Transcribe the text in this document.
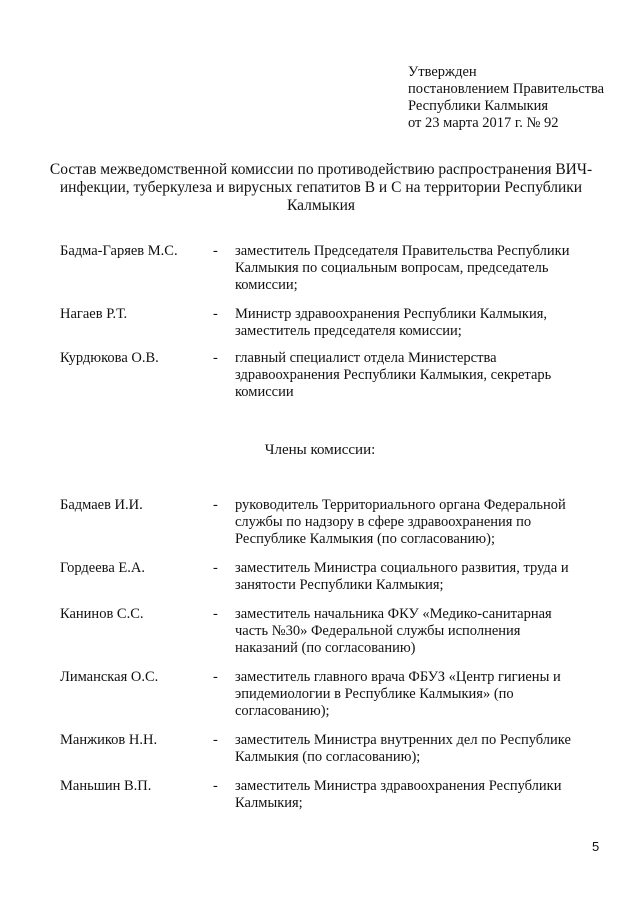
Утвержден
постановлением Правительства
Республики Калмыкия
от 23 марта 2017 г. № 92
Состав межведомственной комиссии по противодействию распространения ВИЧ-инфекции, туберкулеза и вирусных гепатитов В и С на территории Республики Калмыкия
Бадма-Гаряев М.С.	- заместитель Председателя Правительства Республики
Калмыкия по социальным вопросам, председатель
комиссии;
Нагаев Р.Т.	- Министр здравоохранения Республики Калмыкия,
заместитель председателя комиссии;
Курдюкова О.В.	- главный специалист отдела Министерства
здравоохранения Республики Калмыкия, секретарь
комиссии
Члены комиссии:
Бадмаев И.И.	- руководитель Территориального органа Федеральной
службы по надзору в сфере здравоохранения по
Республике Калмыкия (по согласованию);
Гордеева Е.А.	- заместитель Министра социального развития, труда и
занятости Республики Калмыкия;
Канинов С.С.	- заместитель начальника ФКУ «Медико-санитарная
часть №30» Федеральной службы исполнения
наказаний (по согласованию)
Лиманская О.С.	- заместитель главного врача ФБУЗ «Центр гигиены и
эпидемиологии в Республике Калмыкия» (по
согласованию);
Манжиков Н.Н.	- заместитель Министра внутренних дел по Республике
Калмыкия (по согласованию);
Маньшин В.П.	- заместитель Министра здравоохранения Республики
Калмыкия;
5
